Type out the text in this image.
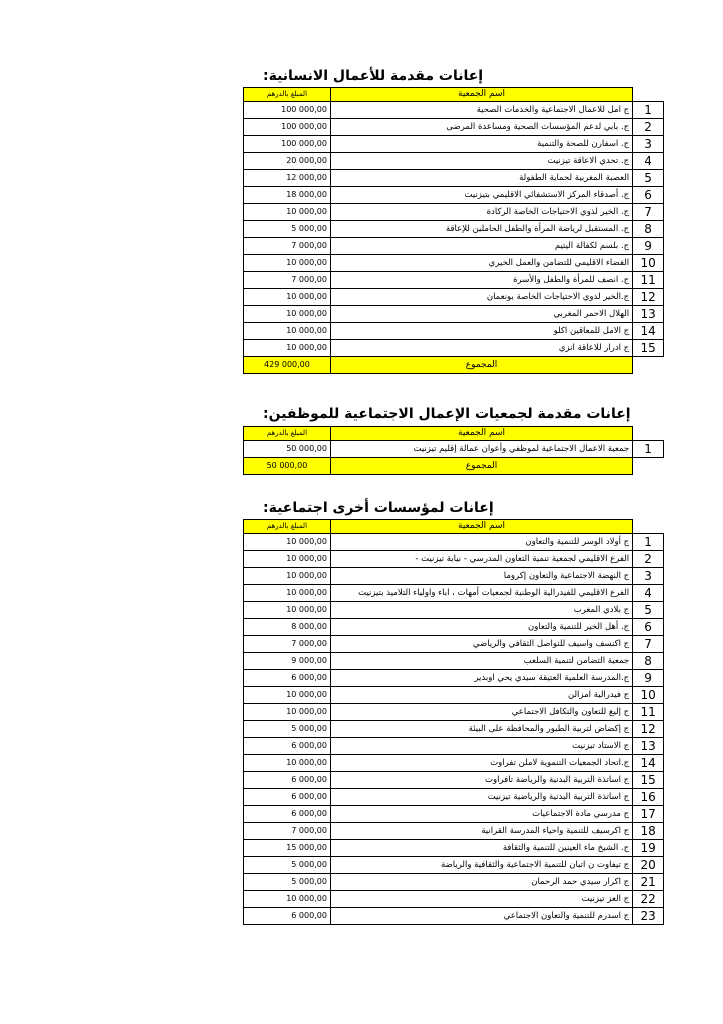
إعانات مقدمة للأعمال الانسانية:
المبلغ بالدرهم	اسم الجمعية	
100 000,00	ج امل للاعمال الاجتماعية والخدمات الصحية	1
100 000,00	ج. بابي لدعم المؤسسات الصحية ومساعدة المرضى	2
100 000,00	ج. اسفارن للصحة والتنمية	3
20 000,00	ج. تحدي الاعاقة تيزنيت	4
12 000,00	العصبة المغربية لحماية الطفولة	5
18 000,00	ج. أصدقاء المركز الاستشفائي الاقليمي بتيزنيت	6
10 000,00	ج. الخير لذوي الاحتياجات الخاصة الركادة	7
5 000,00	ج. المستقبل لرياضة المرأة والطفل الحاملين للإعاقة	8
7 000,00	ج. بلسم لكفالة اليتيم	9
10 000,00	الفضاء الاقليمي للتضامن والعمل الخيري	10
7 000,00	ج. انصف للمرأة والطفل والأسرة	11
10 000,00	ج.الخير لذوي الاحتياجات الخاصة بونعمان	12
10 000,00	الهلال الاحمر المغربي	13
10 000,00	ج الامل للمعاقين اكلو	14
10 000,00	ج ادرار للاعاقة انزي	15
429 000,00	المجموع	
إعانات مقدمة لجمعيات الإعمال الاجتماعية للموظفين:
المبلغ بالدرهم	اسم الجمعية	
50 000,00	جمعية الاعمال الاجتماعية لموظفي وأعوان عمالة إقليم تيزنيت	1
50 000,00	المجموع	
إعانات لمؤسسات أخرى اجتماعية:
المبلغ بالدرهم	اسم الجمعية	
10 000,00	ج أولاد الوسر للتنمية والتعاون	1
10 000,00	الفرع الاقليمي لجمعية تنمية التعاون المدرسي - نيابة تيزنيت -	2
10 000,00	ج النهضة الاجتماعية والتعاون إكروما	3
10 000,00	الفرع الاقليمي للفيدرالية الوطنية لجمعيات أمهات ، اباء واولياء التلاميذ بتيزنيت	4
10 000,00	ج بلادي المغرب	5
8 000,00	ج. أهل الخير للتنمية والتعاون	6
7 000,00	ج اكنسف واسيف للتواصل الثقافي والرياضي	7
9 000,00	جمعية التضامن لتنمية السلعب	8
6 000,00	ج.المدرسة العلمية العتيقة سيدي يحي اوبدير	9
10 000,00	ج فيدرالية امزالن	10
10 000,00	ج إليغ للتعاون والتكافل الاجتماعي	11
5 000,00	ج إكضاض لتربية الطيور والمحافظة على البيئة	12
6 000,00	ج الاستاد تيزنيت	13
10 000,00	ج.اتحاد الجمعيات التنموية لاملن تفراوت	14
6 000,00	ج اساتذة التربية البدنية والرياضة تافراوت	15
6 000,00	ج اساتذة التربية البدنية والرياضية تيزنيت	16
6 000,00	ج مدرسي مادة الاجتماعيات	17
7 000,00	ج اكرسيف للتنمية واحياء المدرسة القرانية	18
15 000,00	ج. الشيخ ماء العينين للتنمية والثقافة	19
5 000,00	ج تيفاوت ن اتبان للتنمية الاجتماعية والثقافية والرياضة	20
5 000,00	ج اكرار سيدي حمد الرحمان	21
10 000,00	ج العز تيزنيت	22
6 000,00	ج اسدرم للتنمية والتعاون الاجتماعي	23
